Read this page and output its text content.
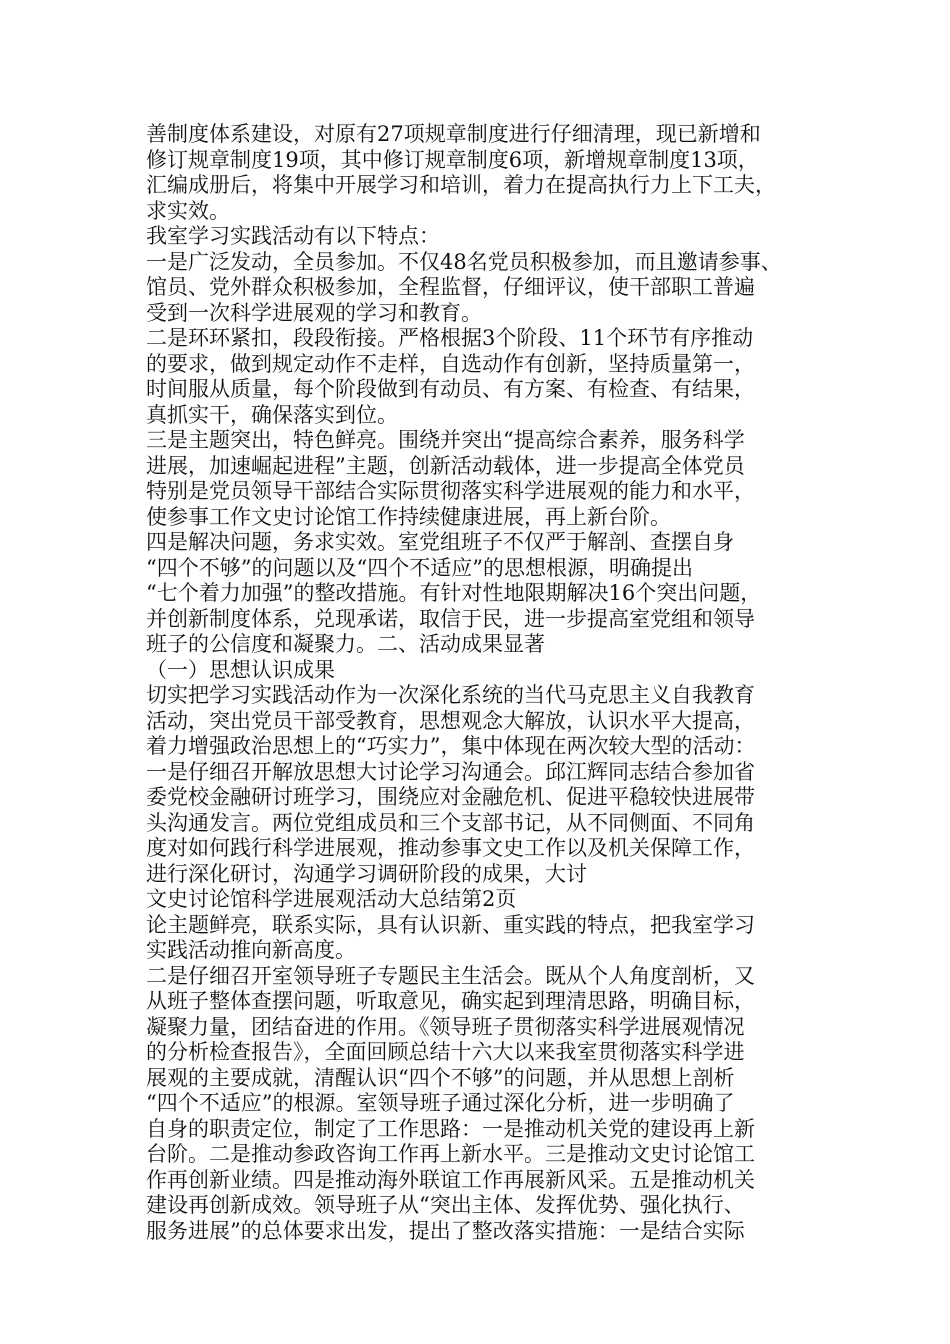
善制度体系建设，对原有27项规章制度进行仔细清理，现已新增和
修订规章制度19项，其中修订规章制度6项，新增规章制度13项，
汇编成册后，将集中开展学习和培训，着力在提高执行力上下工夫，
求实效。
我室学习实践活动有以下特点：
一是广泛发动，全员参加。不仅48名党员积极参加，而且邀请参事、
馆员、党外群众积极参加，全程监督，仔细评议，使干部职工普遍
受到一次科学进展观的学习和教育。
二是环环紧扣，段段衔接。严格根据3个阶段、11个环节有序推动
的要求，做到规定动作不走样，自选动作有创新，坚持质量第一，
时间服从质量，每个阶段做到有动员、有方案、有检查、有结果，
真抓实干，确保落实到位。
三是主题突出，特色鲜亮。围绕并突出“提高综合素养，服务科学
进展，加速崛起进程”主题，创新活动载体，进一步提高全体党员
特别是党员领导干部结合实际贯彻落实科学进展观的能力和水平，
使参事工作文史讨论馆工作持续健康进展，再上新台阶。
四是解决问题，务求实效。室党组班子不仅严于解剖、查摆自身
“四个不够”的问题以及“四个不适应”的思想根源，明确提出
“七个着力加强”的整改措施。有针对性地限期解决16个突出问题，
并创新制度体系，兑现承诺，取信于民，进一步提高室党组和领导
班子的公信度和凝聚力。二、活动成果显著
（一）思想认识成果
切实把学习实践活动作为一次深化系统的当代马克思主义自我教育
活动，突出党员干部受教育，思想观念大解放，认识水平大提高，
着力增强政治思想上的“巧实力”，集中体现在两次较大型的活动：
一是仔细召开解放思想大讨论学习沟通会。邱江辉同志结合参加省
委党校金融研讨班学习，围绕应对金融危机、促进平稳较快进展带
头沟通发言。两位党组成员和三个支部书记，从不同侧面、不同角
度对如何践行科学进展观，推动参事文史工作以及机关保障工作，
进行深化研讨，沟通学习调研阶段的成果，大讨
文史讨论馆科学进展观活动大总结第2页
论主题鲜亮，联系实际，具有认识新、重实践的特点，把我室学习
实践活动推向新高度。
二是仔细召开室领导班子专题民主生活会。既从个人角度剖析，又
从班子整体查摆问题，听取意见，确实起到理清思路，明确目标，
凝聚力量，团结奋进的作用。《领导班子贯彻落实科学进展观情况
的分析检查报告》，全面回顾总结十六大以来我室贯彻落实科学进
展观的主要成就，清醒认识“四个不够”的问题，并从思想上剖析
“四个不适应”的根源。室领导班子通过深化分析，进一步明确了
自身的职责定位，制定了工作思路：一是推动机关党的建设再上新
台阶。二是推动参政咨询工作再上新水平。三是推动文史讨论馆工
作再创新业绩。四是推动海外联谊工作再展新风采。五是推动机关
建设再创新成效。领导班子从“突出主体、发挥优势、强化执行、
服务进展”的总体要求出发，提出了整改落实措施：一是结合实际
